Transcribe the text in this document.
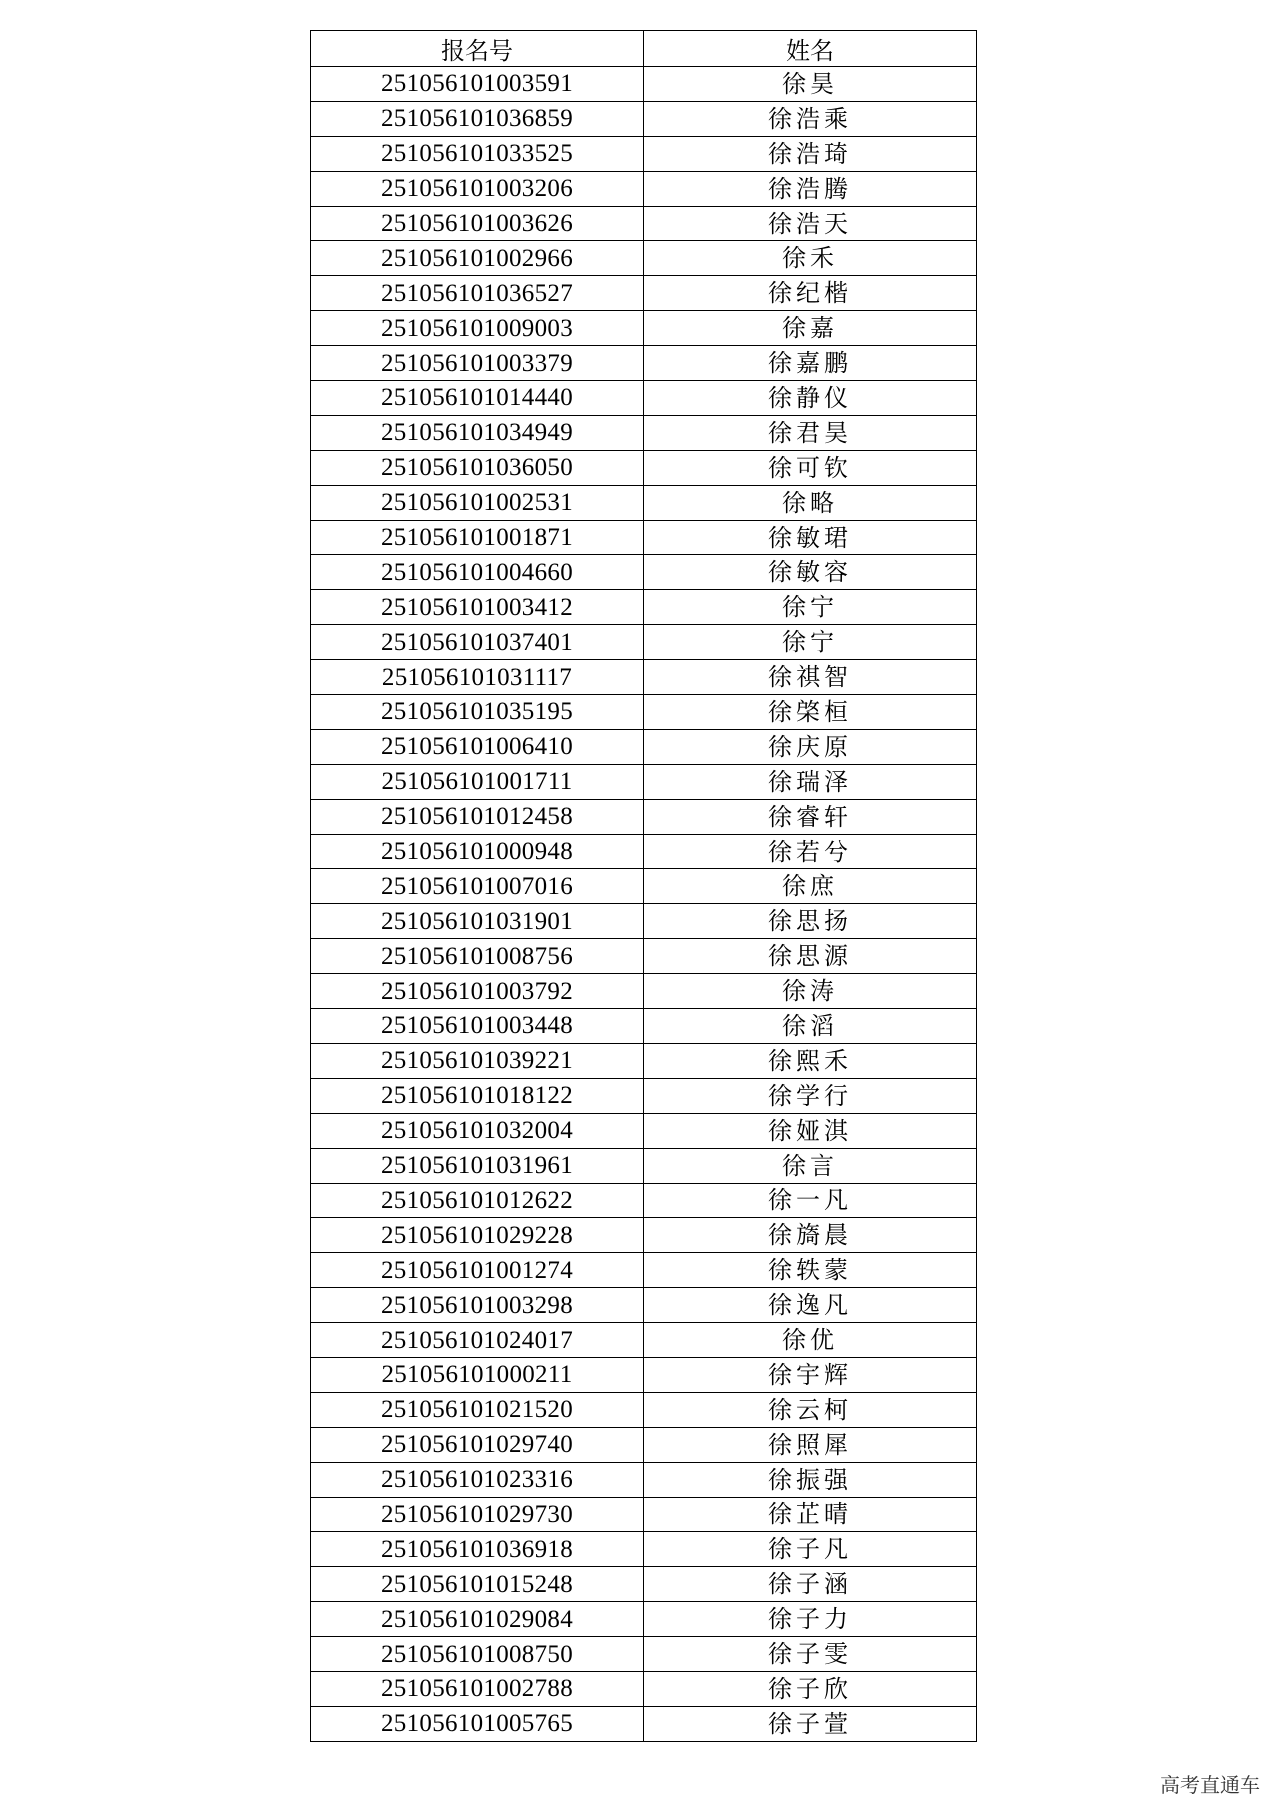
报名号	姓名
251056101003591	徐昊
251056101036859	徐浩乘
251056101033525	徐浩琦
251056101003206	徐浩腾
251056101003626	徐浩天
251056101002966	徐禾
251056101036527	徐纪楷
251056101009003	徐嘉
251056101003379	徐嘉鹏
251056101014440	徐静仪
251056101034949	徐君昊
251056101036050	徐可钦
251056101002531	徐略
251056101001871	徐敏珺
251056101004660	徐敏容
251056101003412	徐宁
251056101037401	徐宁
251056101031117	徐祺智
251056101035195	徐棨桓
251056101006410	徐庆原
251056101001711	徐瑞泽
251056101012458	徐睿轩
251056101000948	徐若兮
251056101007016	徐庶
251056101031901	徐思扬
251056101008756	徐思源
251056101003792	徐涛
251056101003448	徐滔
251056101039221	徐熙禾
251056101018122	徐学行
251056101032004	徐娅淇
251056101031961	徐言
251056101012622	徐一凡
251056101029228	徐旖晨
251056101001274	徐轶蒙
251056101003298	徐逸凡
251056101024017	徐优
251056101000211	徐宇辉
251056101021520	徐云柯
251056101029740	徐照犀
251056101023316	徐振强
251056101029730	徐芷晴
251056101036918	徐子凡
251056101015248	徐子涵
251056101029084	徐子力
251056101008750	徐子雯
251056101002788	徐子欣
251056101005765	徐子萱
高考直通车
